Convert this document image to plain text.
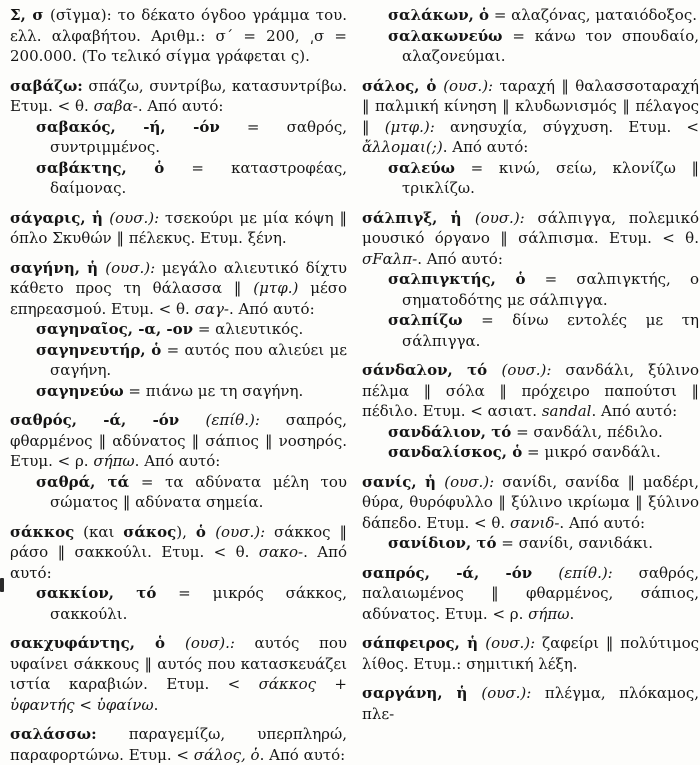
Σ, σ (σῖγμα): το δέκατο όγδοο γράμμα του. ελλ. αλφαβήτου. Αριθμ.: σ´ = 200, ͵σ = 200.000. (Το τελικό σίγμα γράφεται ς).

σαβάζω: σπάζω, συντρίβω, κατασυντρίβω. Ετυμ. < θ. σαβα-. Από αυτό:

σαβακός, -ή, -όν = σαθρός, συντριμμένος.

σαβάκτης, ὁ = καταστροφέας, δαίμονας.

σάγαρις, ἡ (ουσ.): τσεκούρι με μία κόψη ‖ όπλο Σκυθών ‖ πέλεκυς. Ετυμ. ξένη.

σαγήνη, ἡ (ουσ.): μεγάλο αλιευτικό δίχτυ κάθετο προς τη θάλασσα ‖ (μτφ.) μέσο επηρεασμού. Ετυμ. < θ. σαγ-. Από αυτό:

σαγηναῖος, -α, -ον = αλιευτικός.

σαγηνευτήρ, ὁ = αυτός που αλιεύει με σαγήνη.

σαγηνεύω = πιάνω με τη σαγήνη.

σαθρός, -ά, -όν (επίθ.): σαπρός, φθαρμένος ‖ αδύνατος ‖ σάπιος ‖ νοσηρός. Ετυμ. < ρ. σήπω. Από αυτό:

σαθρά, τά = τα αδύνατα μέλη του σώματος ‖ αδύνατα σημεία.

σάκκος (και σάκος), ὁ (ουσ.): σάκκος ‖ ράσο ‖ σακκούλι. Ετυμ. < θ. σακο-. Από αυτό:

σακκίον, τό = μικρός σάκκος, σακκούλι.

σακχυφάντης, ὁ (ουσ).: αυτός που υφαίνει σάκκους ‖ αυτός που κατασκευάζει ιστία καραβιών. Ετυμ. < σάκκος + ὑφαντής < ὑφαίνω.

σαλάσσω: παραγεμίζω, υπερπληρώ, παραφορτώνω. Ετυμ. < σάλος, ὁ. Από αυτό:

σαλάκων, ὁ = αλαζόνας, ματαιόδοξος.

σαλακωνεύω = κάνω τον σπουδαίο, αλαζονεύμαι.

σάλος, ὁ (ουσ.): ταραχή ‖ θαλασσοταραχή ‖ παλμική κίνηση ‖ κλυδωνισμός ‖ πέλαγος ‖ (μτφ.): ανησυχία, σύγχυση. Ετυμ. < ἄλλομαι(;). Από αυτό:

σαλεύω = κινώ, σείω, κλονίζω ‖ τρικλίζω.

σάλπιγξ, ἡ (ουσ.): σάλπιγγα, πολεμικό μουσικό όργανο ‖ σάλπισμα. Ετυμ. < θ. σFαλπ-. Από αυτό:

σαλπιγκτής, ὁ = σαλπιγκτής, ο σηματοδότης με σάλπιγγα.

σαλπίζω = δίνω εντολές με τη σάλπιγγα.

σάνδαλον, τό (ουσ.): σανδάλι, ξύλινο πέλμα ‖ σόλα ‖ πρόχειρο παπούτσι ‖ πέδιλο. Ετυμ. < ασιατ. sandal. Από αυτό:

σανδάλιον, τό = σανδάλι, πέδιλο.

σανδαλίσκος, ὁ = μικρό σανδάλι.

σανίς, ἡ (ουσ.): σανίδι, σανίδα ‖ μαδέρι, θύρα, θυρόφυλλο ‖ ξύλινο ικρίωμα ‖ ξύλινο δάπεδο. Ετυμ. < θ. σανιδ-. Από αυτό:

σανίδιον, τό = σανίδι, σανιδάκι.

σαπρός, -ά, -όν (επίθ.): σαθρός, παλαιωμένος ‖ φθαρμένος, σάπιος, αδύνατος. Ετυμ. < ρ. σήπω.

σάπφειρος, ἡ (ουσ.): ζαφείρι ‖ πολύτιμος λίθος. Ετυμ.: σημιτική λέξη.

σαργάνη, ἡ (ουσ.): πλέγμα, πλόκαμος, πλε-
